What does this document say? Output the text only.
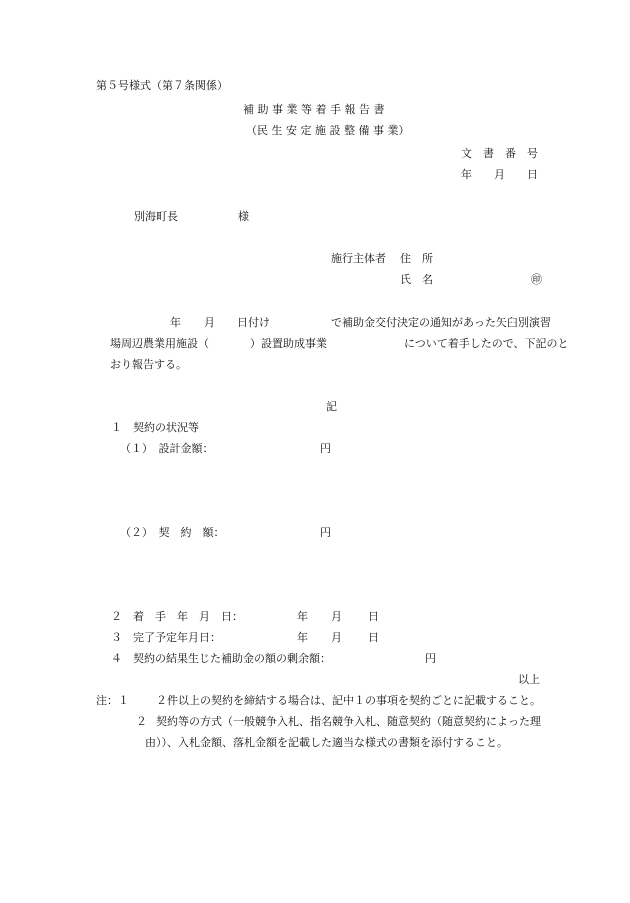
第５号様式（第７条関係）
補 助 事 業 等 着 手 報 告 書
（民 生 安 定 施 設 整 備 事 業）
文　書　番　号
年　　月　　日
別海町長	様
施行主体者 住　所
氏　名	㊞
年 月 日付け	で補助金交付決定の通知があった矢臼別演習
場周辺農業用施設（	）設置助成事業	について着手したので、下記のと
おり報告する。
記
１　契約の状況等
（１）　設計金額：	円
（２）　契　約　額：	円
２　着　手　年　月　日：	年 月 日
３　完了予定年月日：	年 月 日
４　契約の結果生じた補助金の額の剰余額：	円
以上
注：１ ２件以上の契約を締結する場合は、記中１の事項を契約ごとに記載すること。
２ 契約等の方式（一般競争入札、指名競争入札、随意契約（随意契約によった理
由））、入札金額、落札金額を記載した適当な様式の書類を添付すること。
